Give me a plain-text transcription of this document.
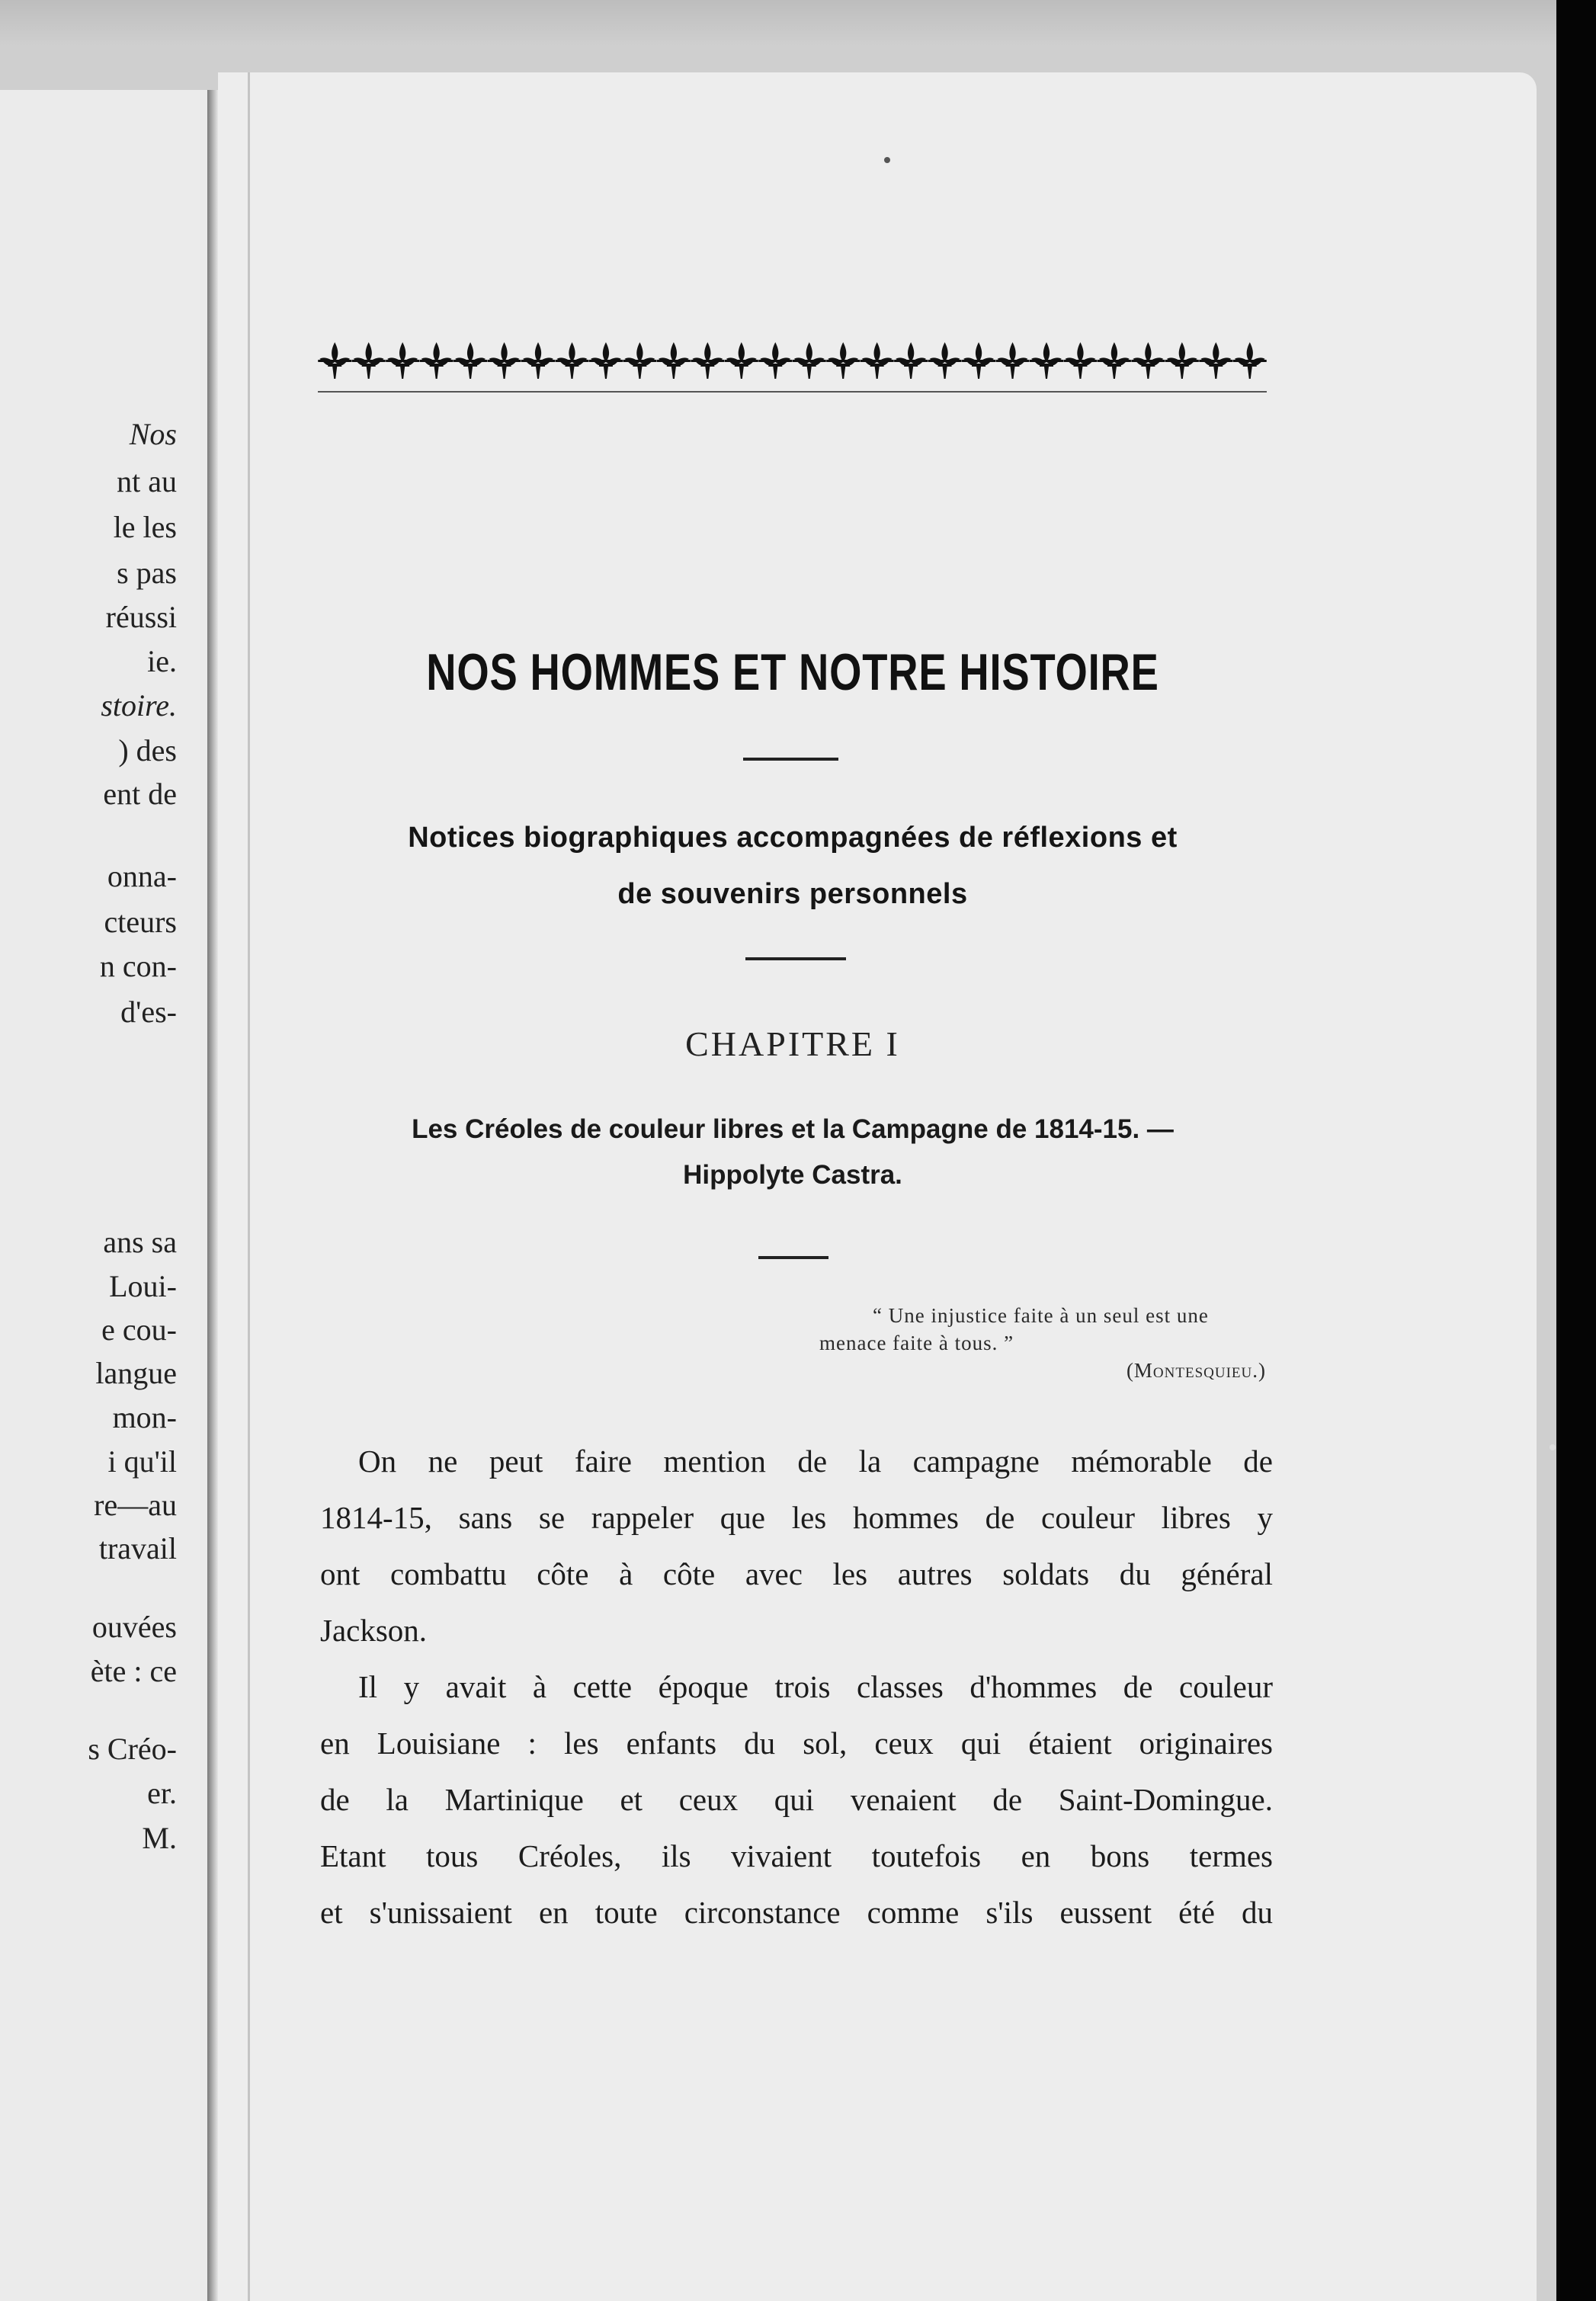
Nos
nt au
le les
s pas
réussi
ie.
stoire.
) des
ent de
onna-
cteurs
n con-
d'es-
ans sa
Loui-
e cou-
langue
mon-
i qu'il
re—au
travail
ouvées
ète : ce
s Créo-
er.
M.
NOS HOMMES ET NOTRE HISTOIRE
Notices biographiques accompagnées de réflexions et
de souvenirs personnels
CHAPITRE I
Les Créoles de couleur libres et la Campagne de 1814-15. —
Hippolyte Castra.
“ Une injustice faite à un seul est une
menace faite à tous. ”
(Montesquieu.)

On ne peut faire mention de la campagne mémorable de

1814-15, sans se rappeler que les hommes de couleur libres y

ont combattu côte à côte avec les autres soldats du général

Jackson.

Il y avait à cette époque trois classes d'hommes de couleur

en Louisiane : les enfants du sol, ceux qui étaient originaires

de la Martinique et ceux qui venaient de Saint-Domingue.

Etant tous Créoles, ils vivaient toutefois en bons termes

et s'unissaient en toute circonstance comme s'ils eussent été du
